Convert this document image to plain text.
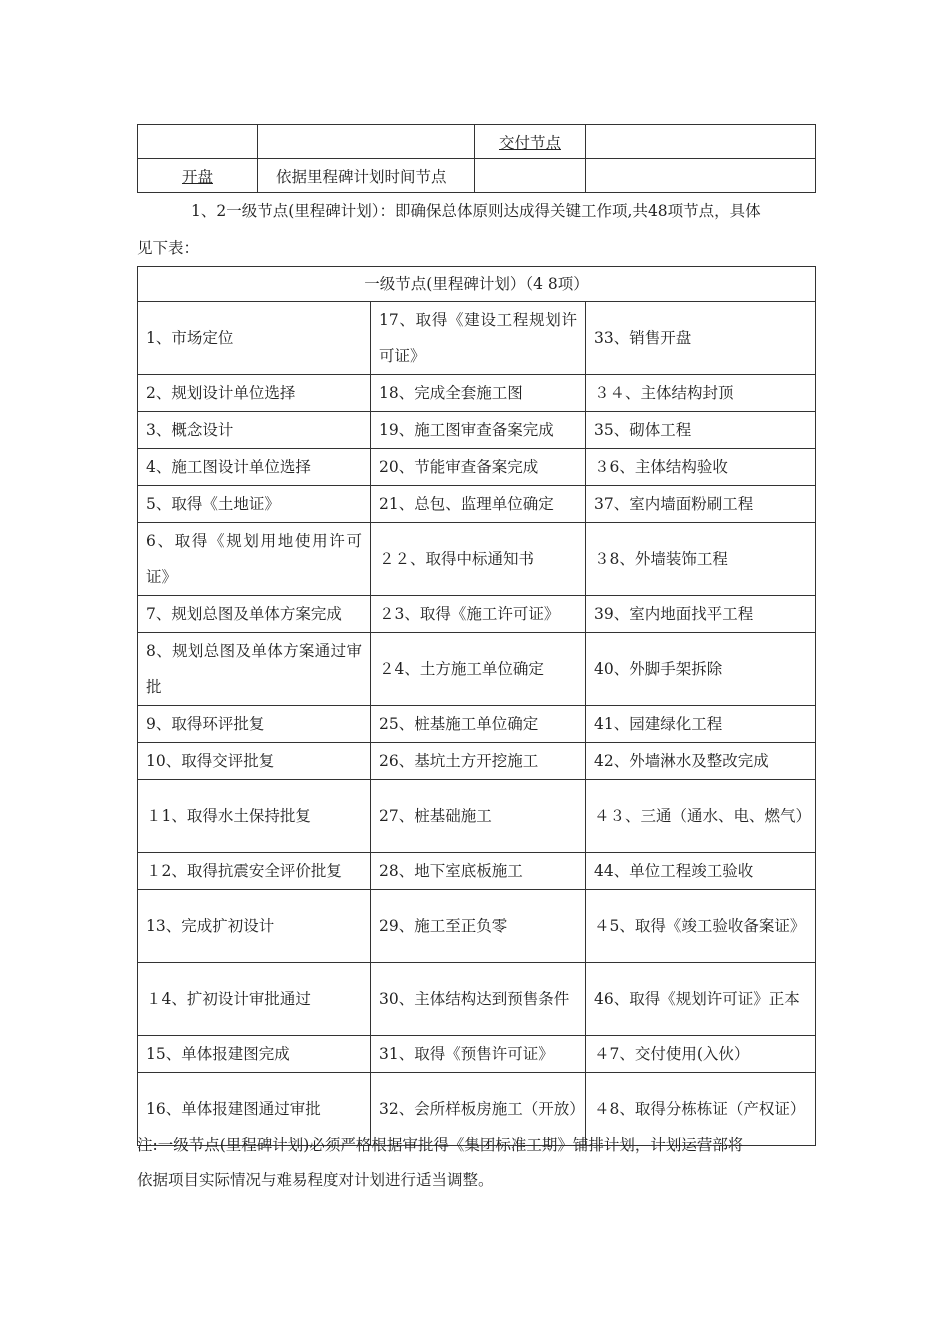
		交付节点	
开盘	依据里程碑计划时间节点		
1、2一级节点(里程碑计划）：即确保总体原则达成得关键工作项,共48项节点，具体
见下表：
一级节点(里程碑计划）（4 8项）		
1、市场定位	17、取得《建设工程规划许可证》	33、销售开盘
2、规划设计单位选择	18、完成全套施工图	３４、主体结构封顶
3、概念设计	19、施工图审查备案完成	35、砌体工程
4、施工图设计单位选择	20、节能审查备案完成	３6、主体结构验收
5、取得《土地证》	21、总包、监理单位确定	37、室内墙面粉刷工程
6、取得《规划用地使用许可证》	２２、取得中标通知书	３8、外墙装饰工程
7、规划总图及单体方案完成	２3、取得《施工许可证》	39、室内地面找平工程
8、规划总图及单体方案通过审批	２4、土方施工单位确定	40、外脚手架拆除
9、取得环评批复	25、桩基施工单位确定	41、园建绿化工程
10、取得交评批复	26、基坑土方开挖施工	42、外墙淋水及整改完成
１1、取得水土保持批复	27、桩基础施工	４３、三通（通水、电、燃气）
１2、取得抗震安全评价批复	28、地下室底板施工	44、单位工程竣工验收
13、完成扩初设计	29、施工至正负零	４5、取得《竣工验收备案证》
１4、扩初设计审批通过	30、主体结构达到预售条件	46、取得《规划许可证》正本
15、单体报建图完成	31、取得《预售许可证》	４7、交付使用(入伙）
16、单体报建图通过审批	32、会所样板房施工（开放）	４8、取得分栋栋证（产权证）
注:一级节点(里程碑计划)必须严格根据审批得《集团标准工期》铺排计划，计划运营部将
依据项目实际情况与难易程度对计划进行适当调整。
